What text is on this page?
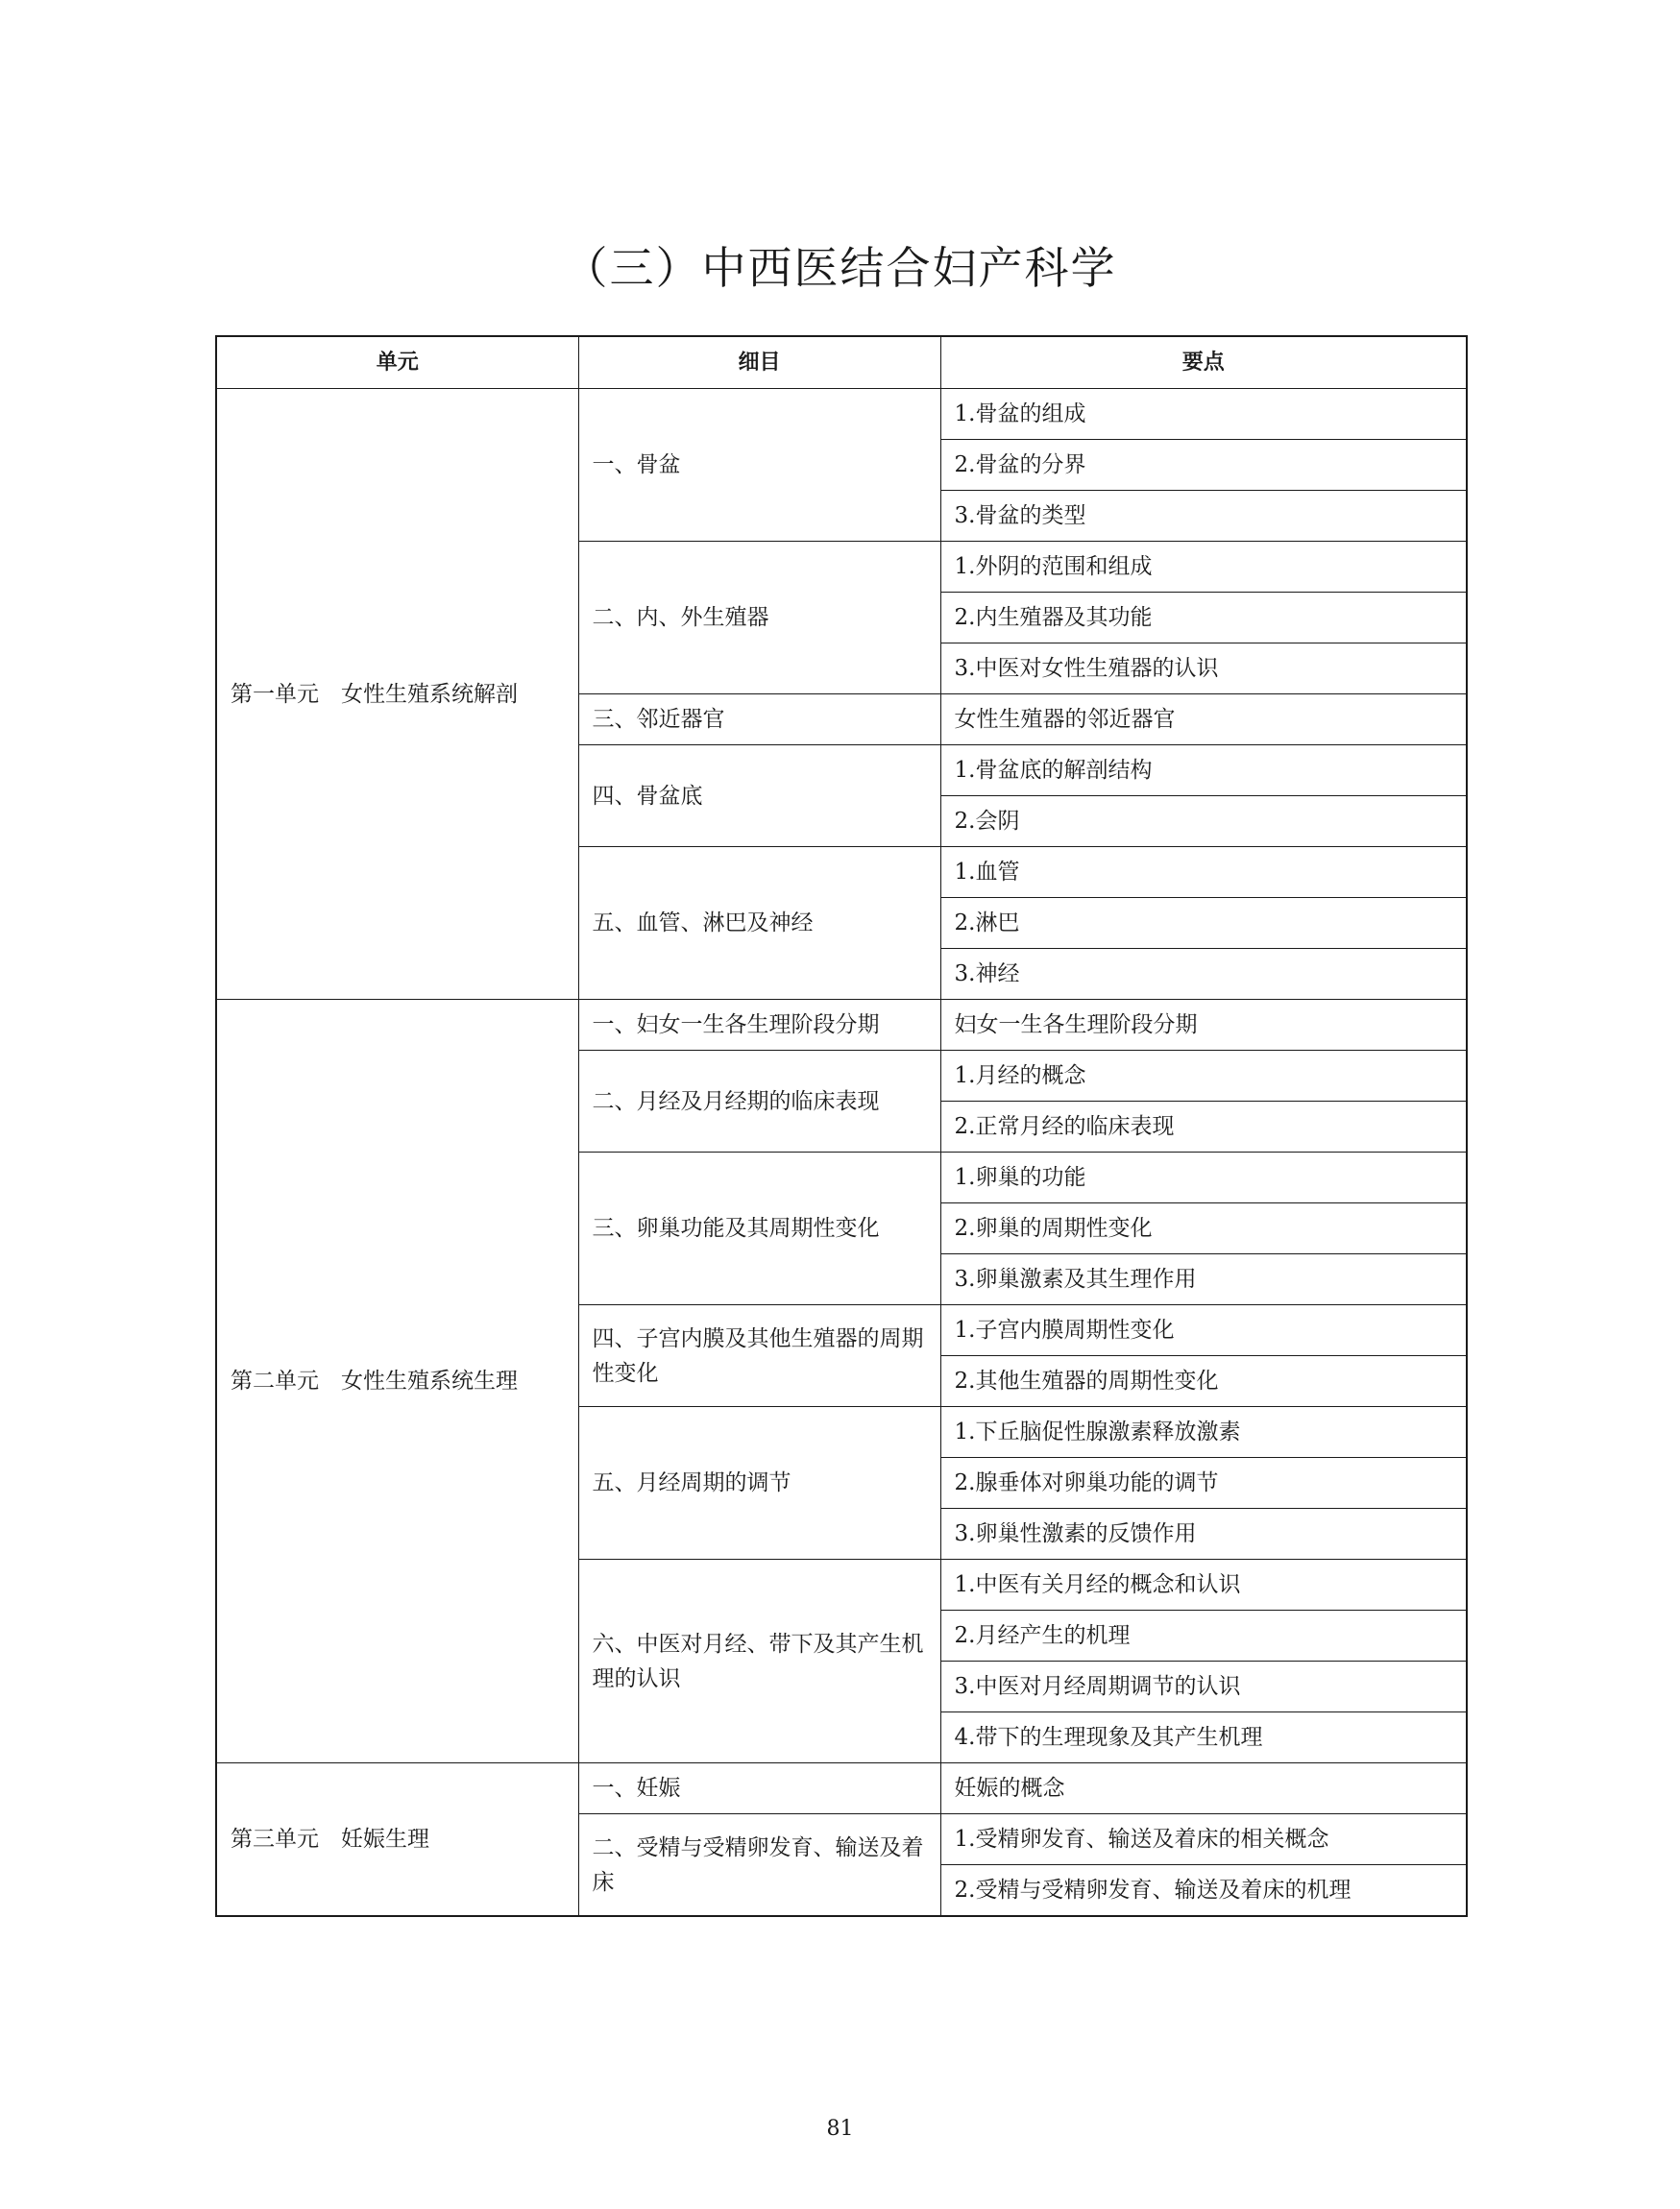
（三）中西医结合妇产科学
单元	细目	要点
第一单元　女性生殖系统解剖	一、骨盆	1.骨盆的组成
		2.骨盆的分界
		3.骨盆的类型
	二、内、外生殖器	1.外阴的范围和组成
		2.内生殖器及其功能
		3.中医对女性生殖器的认识
	三、邻近器官	女性生殖器的邻近器官
	四、骨盆底	1.骨盆底的解剖结构
		2.会阴
	五、血管、淋巴及神经	1.血管
		2.淋巴
		3.神经
第二单元　女性生殖系统生理	一、妇女一生各生理阶段分期	妇女一生各生理阶段分期
	二、月经及月经期的临床表现	1.月经的概念
		2.正常月经的临床表现
	三、卵巢功能及其周期性变化	1.卵巢的功能
		2.卵巢的周期性变化
		3.卵巢激素及其生理作用
	四、子宫内膜及其他生殖器的周期性变化	1.子宫内膜周期性变化
		2.其他生殖器的周期性变化
	五、月经周期的调节	1.下丘脑促性腺激素释放激素
		2.腺垂体对卵巢功能的调节
		3.卵巢性激素的反馈作用
	六、中医对月经、带下及其产生机理的认识	1.中医有关月经的概念和认识
		2.月经产生的机理
		3.中医对月经周期调节的认识
		4.带下的生理现象及其产生机理
第三单元　妊娠生理	一、妊娠	妊娠的概念
	二、受精与受精卵发育、输送及着床	1.受精卵发育、输送及着床的相关概念
		2.受精与受精卵发育、输送及着床的机理
81
